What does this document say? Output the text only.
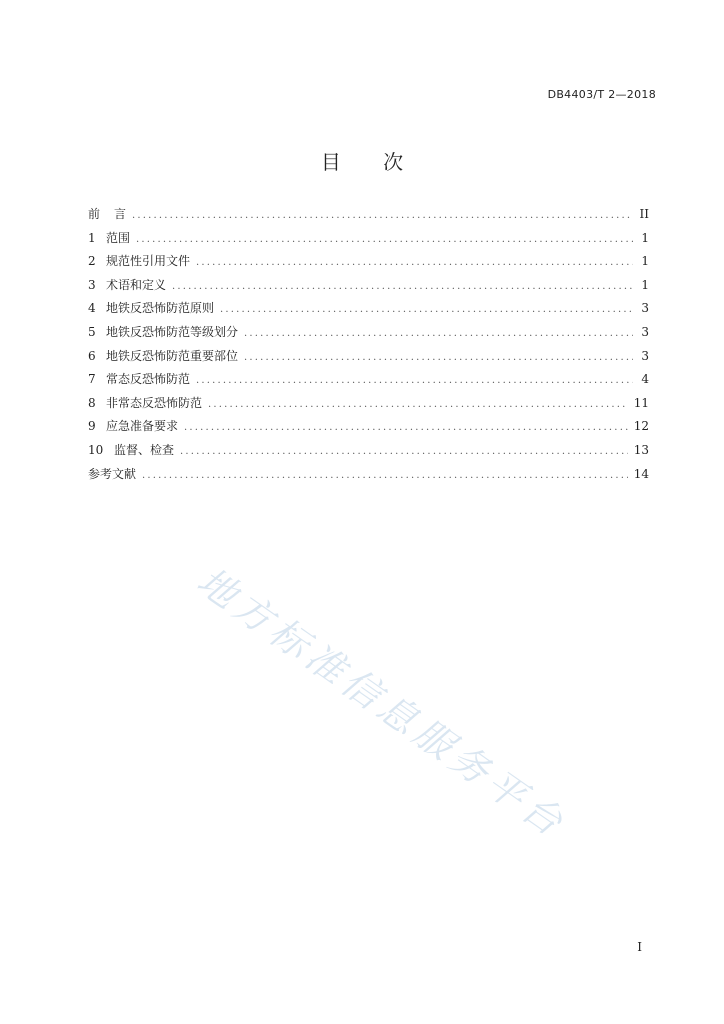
DB4403/T 2—2018
目 次
前	言 .....	II
1 范围 .....	1
2 规范性引用文件 .....	1
3 术语和定义 .....	1
4 地铁反恐怖防范原则 .....	3
5 地铁反恐怖防范等级划分 .....	3
6 地铁反恐怖防范重要部位 .....	3
7 常态反恐怖防范 .....	4
8 非常态反恐怖防范 .....	11
9 应急准备要求 .....	12
10 监督、检查 .....	13
参考文献 .....	14
地方标准信息服务平台
I
